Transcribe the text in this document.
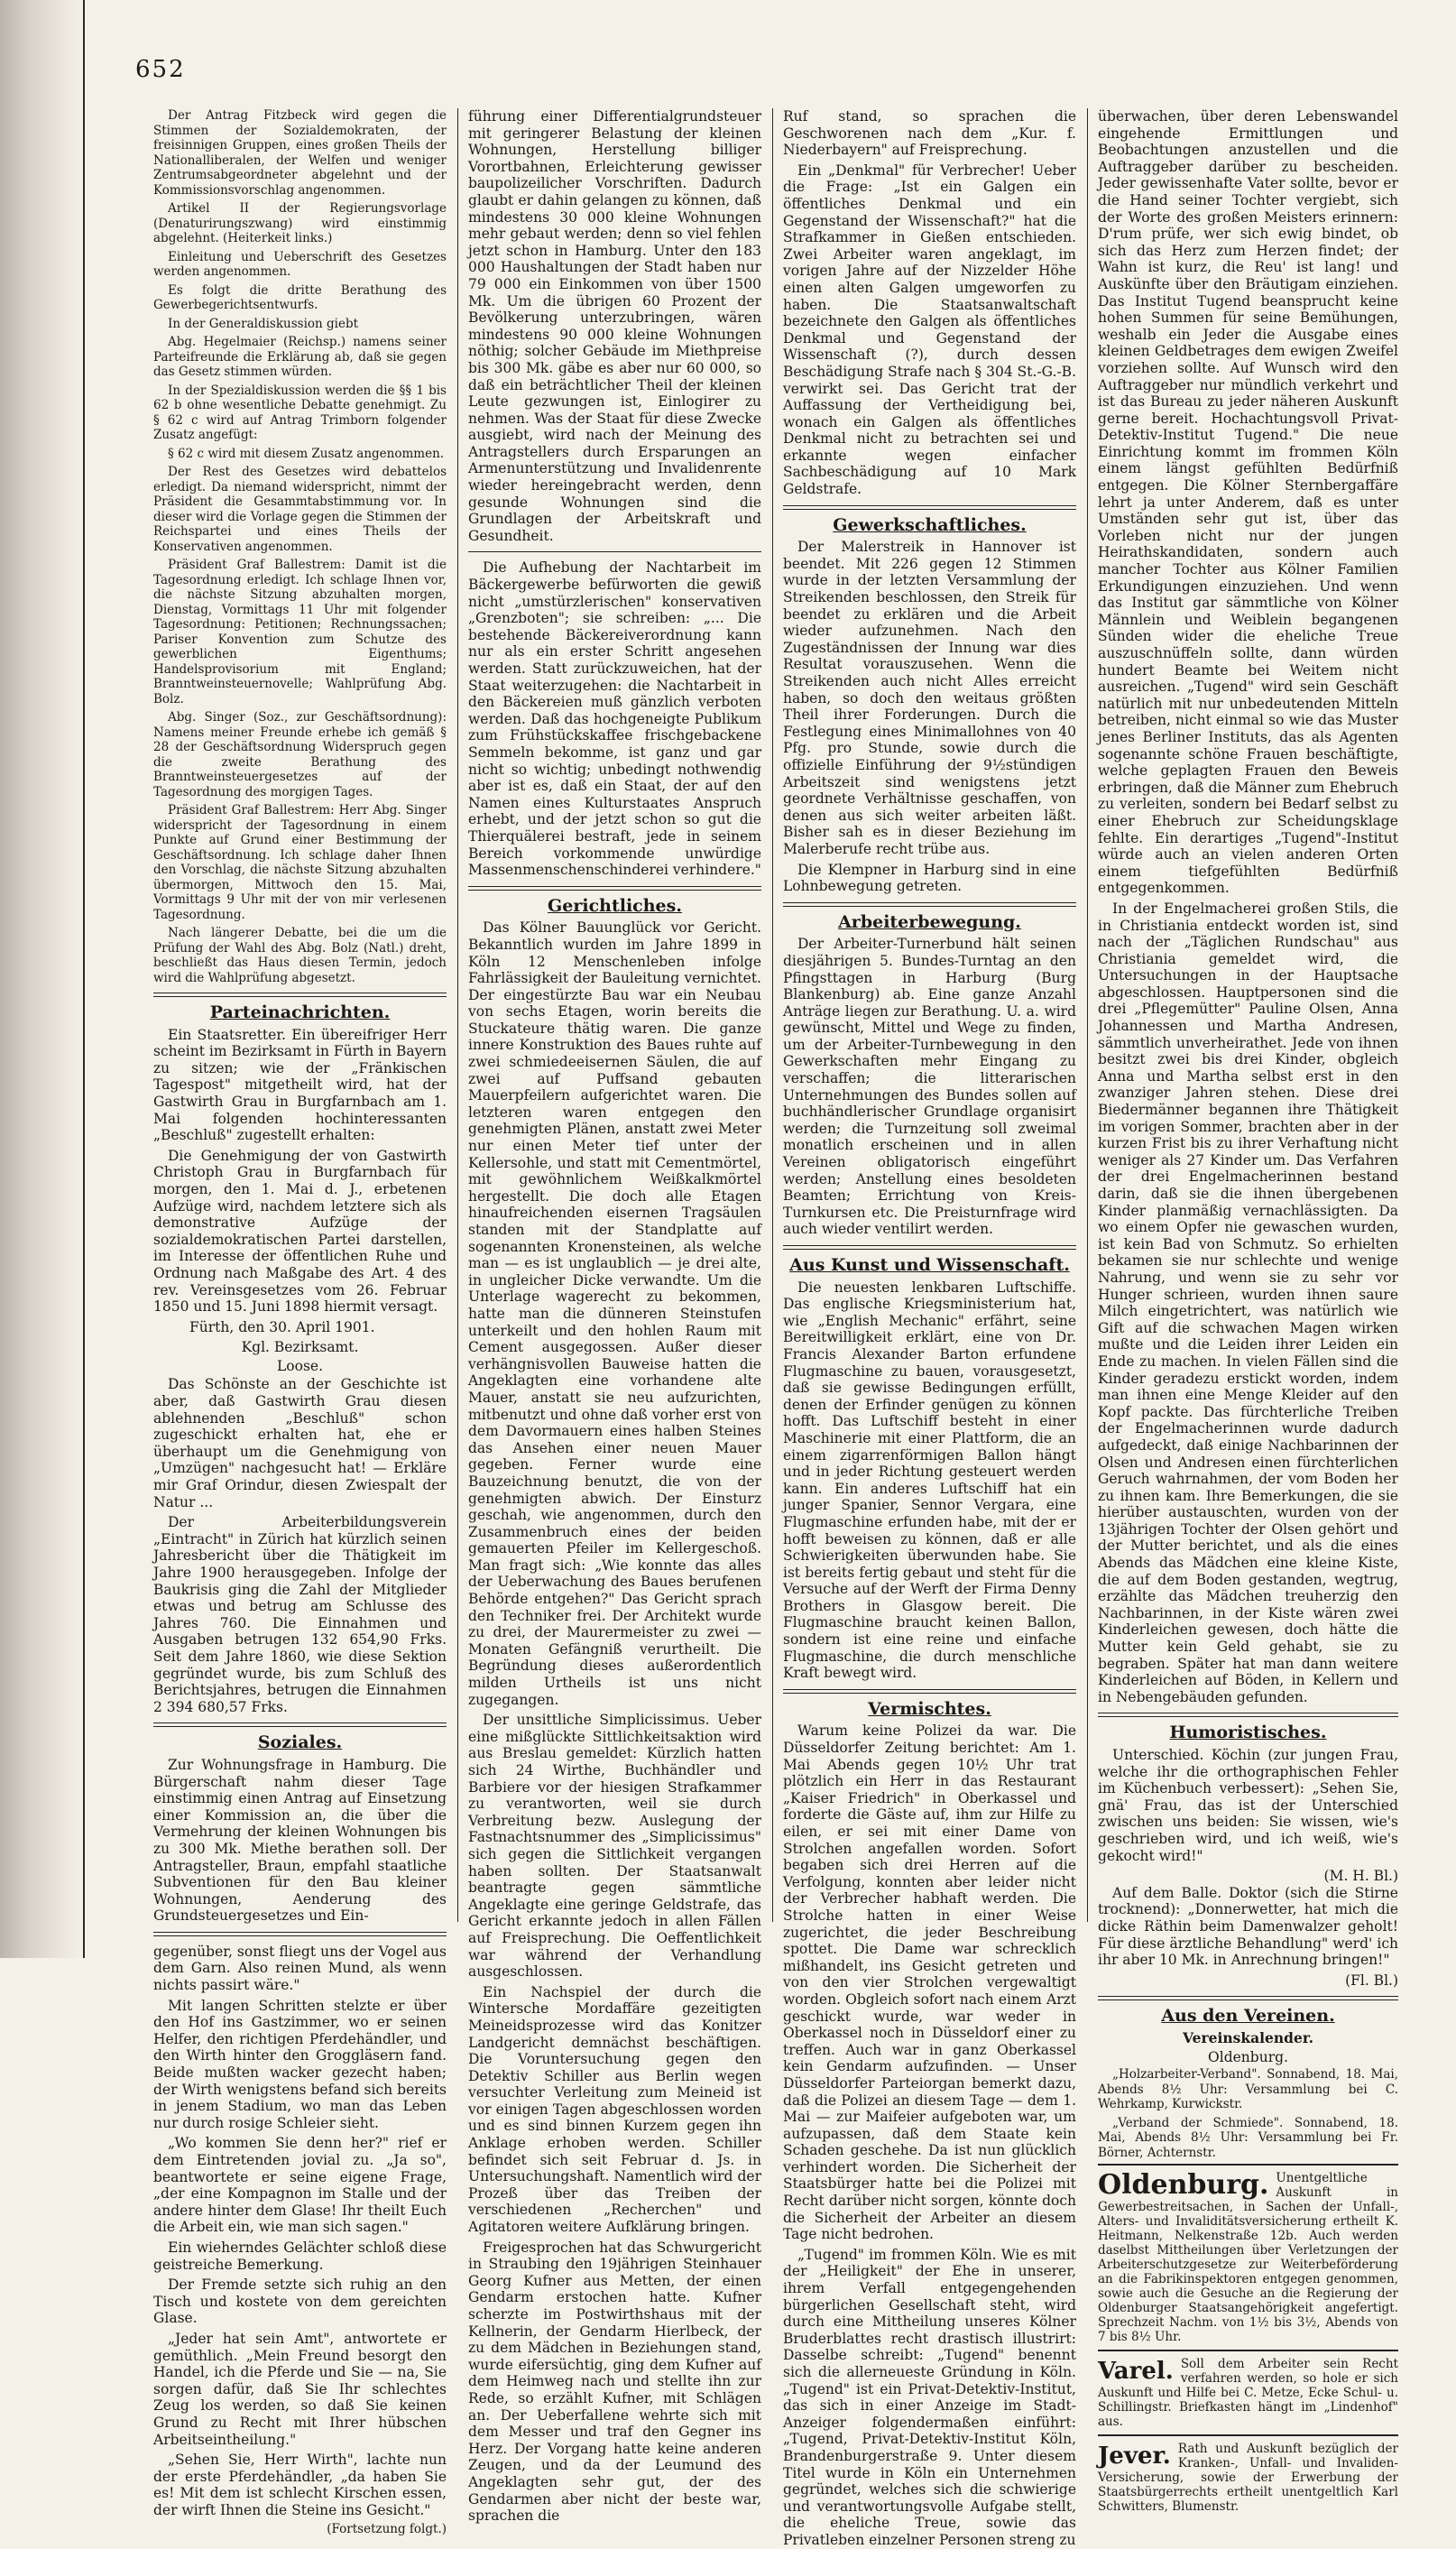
652

Der Antrag Fitzbeck wird gegen die Stimmen der Sozialdemokraten, der freisinnigen Gruppen, eines großen Theils der Nationalliberalen, der Welfen und weniger Zentrumsabgeordneter abgelehnt und der Kommissionsvorschlag angenommen.

Artikel II der Regierungsvorlage (Denaturirungszwang) wird einstimmig abgelehnt. (Heiterkeit links.)

Einleitung und Ueberschrift des Gesetzes werden angenommen.

Es folgt die dritte Berathung des Gewerbegerichtsentwurfs.

In der Generaldiskussion giebt

Abg. Hegelmaier (Reichsp.) namens seiner Parteifreunde die Erklärung ab, daß sie gegen das Gesetz stimmen würden.

In der Spezialdiskussion werden die §§ 1 bis 62 b ohne wesentliche Debatte genehmigt. Zu § 62 c wird auf Antrag Trimborn folgender Zusatz angefügt:

§ 62 c wird mit diesem Zusatz angenommen.

Der Rest des Gesetzes wird debattelos erledigt. Da niemand widerspricht, nimmt der Präsident die Gesammtabstimmung vor. In dieser wird die Vorlage gegen die Stimmen der Reichspartei und eines Theils der Konservativen angenommen.

Präsident Graf Ballestrem: Damit ist die Tagesordnung erledigt. Ich schlage Ihnen vor, die nächste Sitzung abzuhalten morgen, Dienstag, Vormittags 11 Uhr mit folgender Tagesordnung: Petitionen; Rechnungssachen; Pariser Konvention zum Schutze des gewerblichen Eigenthums; Handelsprovisorium mit England; Branntweinsteuernovelle; Wahlprüfung Abg. Bolz.

Abg. Singer (Soz., zur Geschäftsordnung): Namens meiner Freunde erhebe ich gemäß § 28 der Geschäftsordnung Widerspruch gegen die zweite Berathung des Branntweinsteuergesetzes auf der Tagesordnung des morgigen Tages.

Präsident Graf Ballestrem: Herr Abg. Singer widerspricht der Tagesordnung in einem Punkte auf Grund einer Bestimmung der Geschäftsordnung. Ich schlage daher Ihnen den Vorschlag, die nächste Sitzung abzuhalten übermorgen, Mittwoch den 15. Mai, Vormittags 9 Uhr mit der von mir verlesenen Tagesordnung.

Nach längerer Debatte, bei die um die Prüfung der Wahl des Abg. Bolz (Natl.) dreht, beschließt das Haus diesen Termin, jedoch wird die Wahlprüfung abgesetzt.

Parteinachrichten.

Ein Staatsretter. Ein übereifriger Herr scheint im Bezirksamt in Fürth in Bayern zu sitzen; wie der „Fränkischen Tagespost" mitgetheilt wird, hat der Gastwirth Grau in Burgfarnbach am 1. Mai folgenden hochinteressanten „Beschluß" zugestellt erhalten:

Die Genehmigung der von Gastwirth Christoph Grau in Burgfarnbach für morgen, den 1. Mai d. J., erbetenen Aufzüge wird, nachdem letztere sich als demonstrative Aufzüge der sozialdemokratischen Partei darstellen, im Interesse der öffentlichen Ruhe und Ordnung nach Maßgabe des Art. 4 des rev. Vereinsgesetzes vom 26. Februar 1850 und 15. Juni 1898 hiermit versagt.

Fürth, den 30. April 1901.

Kgl. Bezirksamt.
Loose.

Das Schönste an der Geschichte ist aber, daß Gastwirth Grau diesen ablehnenden „Beschluß" schon zugeschickt erhalten hat, ehe er überhaupt um die Genehmigung von „Umzügen" nachgesucht hat! — Erkläre mir Graf Orindur, diesen Zwiespalt der Natur ...

Der Arbeiterbildungsverein „Eintracht" in Zürich hat kürzlich seinen Jahresbericht über die Thätigkeit im Jahre 1900 herausgegeben. Infolge der Baukrisis ging die Zahl der Mitglieder etwas und betrug am Schlusse des Jahres 760. Die Einnahmen und Ausgaben betrugen 132 654,90 Frks. Seit dem Jahre 1860, wie diese Sektion gegründet wurde, bis zum Schluß des Berichtsjahres, betrugen die Einnahmen 2 394 680,57 Frks.

Soziales.

Zur Wohnungsfrage in Hamburg. Die Bürgerschaft nahm dieser Tage einstimmig einen Antrag auf Einsetzung einer Kommission an, die über die Vermehrung der kleinen Wohnungen bis zu 300 Mk. Miethe berathen soll. Der Antragsteller, Braun, empfahl staatliche Subventionen für den Bau kleiner Wohnungen, Aenderung des Grundsteuergesetzes und Ein-

gegenüber, sonst fliegt uns der Vogel aus dem Garn. Also reinen Mund, als wenn nichts passirt wäre."

Mit langen Schritten stelzte er über den Hof ins Gastzimmer, wo er seinen Helfer, den richtigen Pferdehändler, und den Wirth hinter den Groggläsern fand. Beide mußten wacker gezecht haben; der Wirth wenigstens befand sich bereits in jenem Stadium, wo man das Leben nur durch rosige Schleier sieht.

„Wo kommen Sie denn her?" rief er dem Eintretenden jovial zu. „Ja so", beantwortete er seine eigene Frage, „der eine Kompagnon im Stalle und der andere hinter dem Glase! Ihr theilt Euch die Arbeit ein, wie man sich sagen."

Ein wieherndes Gelächter schloß diese geistreiche Bemerkung.

Der Fremde setzte sich ruhig an den Tisch und kostete von dem gereichten Glase.

„Jeder hat sein Amt", antwortete er gemüthlich. „Mein Freund besorgt den Handel, ich die Pferde und Sie — na, Sie sorgen dafür, daß Sie Ihr schlechtes Zeug los werden, so daß Sie keinen Grund zu Recht mit Ihrer hübschen Arbeitseintheilung."

„Sehen Sie, Herr Wirth", lachte nun der erste Pferdehändler, „da haben Sie es! Mit dem ist schlecht Kirschen essen, der wirft Ihnen die Steine ins Gesicht."

(Fortsetzung folgt.)

führung einer Differentialgrundsteuer mit geringerer Belastung der kleinen Wohnungen, Herstellung billiger Vorortbahnen, Erleichterung gewisser baupolizeilicher Vorschriften. Dadurch glaubt er dahin gelangen zu können, daß mindestens 30 000 kleine Wohnungen mehr gebaut werden; denn so viel fehlen jetzt schon in Hamburg. Unter den 183 000 Haushaltungen der Stadt haben nur 79 000 ein Einkommen von über 1500 Mk. Um die übrigen 60 Prozent der Bevölkerung unterzubringen, wären mindestens 90 000 kleine Wohnungen nöthig; solcher Gebäude im Miethpreise bis 300 Mk. gäbe es aber nur 60 000, so daß ein beträchtlicher Theil der kleinen Leute gezwungen ist, Einlogirer zu nehmen. Was der Staat für diese Zwecke ausgiebt, wird nach der Meinung des Antragstellers durch Ersparungen an Armenunterstützung und Invalidenrente wieder hereingebracht werden, denn gesunde Wohnungen sind die Grundlagen der Arbeitskraft und Gesundheit.

Die Aufhebung der Nachtarbeit im Bäckergewerbe befürworten die gewiß nicht „umstürzlerischen" konservativen „Grenzboten"; sie schreiben: „... Die bestehende Bäckereiverordnung kann nur als ein erster Schritt angesehen werden. Statt zurückzuweichen, hat der Staat weiterzugehen: die Nachtarbeit in den Bäckereien muß gänzlich verboten werden. Daß das hochgeneigte Publikum zum Frühstückskaffee frischgebackene Semmeln bekomme, ist ganz und gar nicht so wichtig; unbedingt nothwendig aber ist es, daß ein Staat, der auf den Namen eines Kulturstaates Anspruch erhebt, und der jetzt schon so gut die Thierquälerei bestraft, jede in seinem Bereich vorkommende unwürdige Massenmenschenschinderei verhindere."

Gerichtliches.

Das Kölner Bauunglück vor Gericht. Bekanntlich wurden im Jahre 1899 in Köln 12 Menschenleben infolge Fahrlässigkeit der Bauleitung vernichtet. Der eingestürzte Bau war ein Neubau von sechs Etagen, worin bereits die Stuckateure thätig waren. Die ganze innere Konstruktion des Baues ruhte auf zwei schmiedeeisernen Säulen, die auf zwei auf Puffsand gebauten Mauerpfeilern aufgerichtet waren. Die letzteren waren entgegen den genehmigten Plänen, anstatt zwei Meter nur einen Meter tief unter der Kellersohle, und statt mit Cementmörtel, mit gewöhnlichem Weißkalkmörtel hergestellt. Die doch alle Etagen hinaufreichenden eisernen Tragsäulen standen mit der Standplatte auf sogenannten Kronensteinen, als welche man — es ist unglaublich — je drei alte, in ungleicher Dicke verwandte. Um die Unterlage wagerecht zu bekommen, hatte man die dünneren Steinstufen unterkeilt und den hohlen Raum mit Cement ausgegossen. Außer dieser verhängnisvollen Bauweise hatten die Angeklagten eine vorhandene alte Mauer, anstatt sie neu aufzurichten, mitbenutzt und ohne daß vorher erst von dem Davormauern eines halben Steines das Ansehen einer neuen Mauer gegeben. Ferner wurde eine Bauzeichnung benutzt, die von der genehmigten abwich. Der Einsturz geschah, wie angenommen, durch den Zusammenbruch eines der beiden gemauerten Pfeiler im Kellergeschoß. Man fragt sich: „Wie konnte das alles der Ueberwachung des Baues berufenen Behörde entgehen?" Das Gericht sprach den Techniker frei. Der Architekt wurde zu drei, der Maurermeister zu zwei — Monaten Gefängniß verurtheilt. Die Begründung dieses außerordentlich milden Urtheils ist uns nicht zugegangen.

Der unsittliche Simplicissimus. Ueber eine mißglückte Sittlichkeitsaktion wird aus Breslau gemeldet: Kürzlich hatten sich 24 Wirthe, Buchhändler und Barbiere vor der hiesigen Strafkammer zu verantworten, weil sie durch Verbreitung bezw. Auslegung der Fastnachtsnummer des „Simplicissimus" sich gegen die Sittlichkeit vergangen haben sollten. Der Staatsanwalt beantragte gegen sämmtliche Angeklagte eine geringe Geldstrafe, das Gericht erkannte jedoch in allen Fällen auf Freisprechung. Die Oeffentlichkeit war während der Verhandlung ausgeschlossen.

Ein Nachspiel der durch die Wintersche Mordaffäre gezeitigten Meineidsprozesse wird das Konitzer Landgericht demnächst beschäftigen. Die Voruntersuchung gegen den Detektiv Schiller aus Berlin wegen versuchter Verleitung zum Meineid ist vor einigen Tagen abgeschlossen worden und es sind binnen Kurzem gegen ihn Anklage erhoben werden. Schiller befindet sich seit Februar d. Js. in Untersuchungshaft. Namentlich wird der Prozeß über das Treiben der verschiedenen „Recherchen" und Agitatoren weitere Aufklärung bringen.

Freigesprochen hat das Schwurgericht in Straubing den 19jährigen Steinhauer Georg Kufner aus Metten, der einen Gendarm erstochen hatte. Kufner scherzte im Postwirthshaus mit der Kellnerin, der Gendarm Hierlbeck, der zu dem Mädchen in Beziehungen stand, wurde eifersüchtig, ging dem Kufner auf dem Heimweg nach und stellte ihn zur Rede, so erzählt Kufner, mit Schlägen an. Der Ueberfallene wehrte sich mit dem Messer und traf den Gegner ins Herz. Der Vorgang hatte keine anderen Zeugen, und da der Leumund des Angeklagten sehr gut, der des Gendarmen aber nicht der beste war, sprachen die

Ruf stand, so sprachen die Geschworenen nach dem „Kur. f. Niederbayern" auf Freisprechung.

Ein „Denkmal" für Verbrecher! Ueber die Frage: „Ist ein Galgen ein öffentliches Denkmal und ein Gegenstand der Wissenschaft?" hat die Strafkammer in Gießen entschieden. Zwei Arbeiter waren angeklagt, im vorigen Jahre auf der Nizzelder Höhe einen alten Galgen umgeworfen zu haben. Die Staatsanwaltschaft bezeichnete den Galgen als öffentliches Denkmal und Gegenstand der Wissenschaft (?), durch dessen Beschädigung Strafe nach § 304 St.-G.-B. verwirkt sei. Das Gericht trat der Auffassung der Vertheidigung bei, wonach ein Galgen als öffentliches Denkmal nicht zu betrachten sei und erkannte wegen einfacher Sachbeschädigung auf 10 Mark Geldstrafe.

Gewerkschaftliches.

Der Malerstreik in Hannover ist beendet. Mit 226 gegen 12 Stimmen wurde in der letzten Versammlung der Streikenden beschlossen, den Streik für beendet zu erklären und die Arbeit wieder aufzunehmen. Nach den Zugeständnissen der Innung war dies Resultat vorauszusehen. Wenn die Streikenden auch nicht Alles erreicht haben, so doch den weitaus größten Theil ihrer Forderungen. Durch die Festlegung eines Minimallohnes von 40 Pfg. pro Stunde, sowie durch die offizielle Einführung der 9½stündigen Arbeitszeit sind wenigstens jetzt geordnete Verhältnisse geschaffen, von denen aus sich weiter arbeiten läßt. Bisher sah es in dieser Beziehung im Malerberufe recht trübe aus.

Die Klempner in Harburg sind in eine Lohnbewegung getreten.

Arbeiterbewegung.

Der Arbeiter-Turnerbund hält seinen diesjährigen 5. Bundes-Turntag an den Pfingsttagen in Harburg (Burg Blankenburg) ab. Eine ganze Anzahl Anträge liegen zur Berathung. U. a. wird gewünscht, Mittel und Wege zu finden, um der Arbeiter-Turnbewegung in den Gewerkschaften mehr Eingang zu verschaffen; die litterarischen Unternehmungen des Bundes sollen auf buchhändlerischer Grundlage organisirt werden; die Turnzeitung soll zweimal monatlich erscheinen und in allen Vereinen obligatorisch eingeführt werden; Anstellung eines besoldeten Beamten; Errichtung von Kreis-Turnkursen etc. Die Preisturnfrage wird auch wieder ventilirt werden.

Aus Kunst und Wissenschaft.

Die neuesten lenkbaren Luftschiffe. Das englische Kriegsministerium hat, wie „English Mechanic" erfährt, seine Bereitwilligkeit erklärt, eine von Dr. Francis Alexander Barton erfundene Flugmaschine zu bauen, vorausgesetzt, daß sie gewisse Bedingungen erfüllt, denen der Erfinder genügen zu können hofft. Das Luftschiff besteht in einer Maschinerie mit einer Plattform, die an einem zigarrenförmigen Ballon hängt und in jeder Richtung gesteuert werden kann. Ein anderes Luftschiff hat ein junger Spanier, Sennor Vergara, eine Flugmaschine erfunden habe, mit der er hofft beweisen zu können, daß er alle Schwierigkeiten überwunden habe. Sie ist bereits fertig gebaut und steht für die Versuche auf der Werft der Firma Denny Brothers in Glasgow bereit. Die Flugmaschine braucht keinen Ballon, sondern ist eine reine und einfache Flugmaschine, die durch menschliche Kraft bewegt wird.

Vermischtes.

Warum keine Polizei da war. Die Düsseldorfer Zeitung berichtet: Am 1. Mai Abends gegen 10½ Uhr trat plötzlich ein Herr in das Restaurant „Kaiser Friedrich" in Oberkassel und forderte die Gäste auf, ihm zur Hilfe zu eilen, er sei mit einer Dame von Strolchen angefallen worden. Sofort begaben sich drei Herren auf die Verfolgung, konnten aber leider nicht der Verbrecher habhaft werden. Die Strolche hatten in einer Weise zugerichtet, die jeder Beschreibung spottet. Die Dame war schrecklich mißhandelt, ins Gesicht getreten und von den vier Strolchen vergewaltigt worden. Obgleich sofort nach einem Arzt geschickt wurde, war weder in Oberkassel noch in Düsseldorf einer zu treffen. Auch war in ganz Oberkassel kein Gendarm aufzufinden. — Unser Düsseldorfer Parteiorgan bemerkt dazu, daß die Polizei an diesem Tage — dem 1. Mai — zur Maifeier aufgeboten war, um aufzupassen, daß dem Staate kein Schaden geschehe. Da ist nun glücklich verhindert worden. Die Sicherheit der Staatsbürger hatte bei die Polizei mit Recht darüber nicht sorgen, könnte doch die Sicherheit der Arbeiter an diesem Tage nicht bedrohen.

„Tugend" im frommen Köln. Wie es mit der „Heiligkeit" der Ehe in unserer, ihrem Verfall entgegengehenden bürgerlichen Gesellschaft steht, wird durch eine Mittheilung unseres Kölner Bruderblattes recht drastisch illustrirt: Dasselbe schreibt: „Tugend" benennt sich die allerneueste Gründung in Köln. „Tugend" ist ein Privat-Detektiv-Institut, das sich in einer Anzeige im Stadt-Anzeiger folgendermaßen einführt: „Tugend, Privat-Detektiv-Institut Köln, Brandenburgerstraße 9. Unter diesem Titel wurde in Köln ein Unternehmen gegründet, welches sich die schwierige und verantwortungsvolle Aufgabe stellt, die eheliche Treue, sowie das Privatleben einzelner Personen streng zu

überwachen, über deren Lebenswandel eingehende Ermittlungen und Beobachtungen anzustellen und die Auftraggeber darüber zu bescheiden. Jeder gewissenhafte Vater sollte, bevor er die Hand seiner Tochter vergiebt, sich der Worte des großen Meisters erinnern: D'rum prüfe, wer sich ewig bindet, ob sich das Herz zum Herzen findet; der Wahn ist kurz, die Reu' ist lang! und Auskünfte über den Bräutigam einziehen. Das Institut Tugend beansprucht keine hohen Summen für seine Bemühungen, weshalb ein Jeder die Ausgabe eines kleinen Geldbetrages dem ewigen Zweifel vorziehen sollte. Auf Wunsch wird den Auftraggeber nur mündlich verkehrt und ist das Bureau zu jeder näheren Auskunft gerne bereit. Hochachtungsvoll Privat-Detektiv-Institut Tugend." Die neue Einrichtung kommt im frommen Köln einem längst gefühlten Bedürfniß entgegen. Die Kölner Sternbergaffäre lehrt ja unter Anderem, daß es unter Umständen sehr gut ist, über das Vorleben nicht nur der jungen Heirathskandidaten, sondern auch mancher Tochter aus Kölner Familien Erkundigungen einzuziehen. Und wenn das Institut gar sämmtliche von Kölner Männlein und Weiblein begangenen Sünden wider die eheliche Treue auszuschnüffeln sollte, dann würden hundert Beamte bei Weitem nicht ausreichen. „Tugend" wird sein Geschäft natürlich mit nur unbedeutenden Mitteln betreiben, nicht einmal so wie das Muster jenes Berliner Instituts, das als Agenten sogenannte schöne Frauen beschäftigte, welche geplagten Frauen den Beweis erbringen, daß die Männer zum Ehebruch zu verleiten, sondern bei Bedarf selbst zu einer Ehebruch zur Scheidungsklage fehlte. Ein derartiges „Tugend"-Institut würde auch an vielen anderen Orten einem tiefgefühlten Bedürfniß entgegenkommen.

In der Engelmacherei großen Stils, die in Christiania entdeckt worden ist, sind nach der „Täglichen Rundschau" aus Christiania gemeldet wird, die Untersuchungen in der Hauptsache abgeschlossen. Hauptpersonen sind die drei „Pflegemütter" Pauline Olsen, Anna Johannessen und Martha Andresen, sämmtlich unverheirathet. Jede von ihnen besitzt zwei bis drei Kinder, obgleich Anna und Martha selbst erst in den zwanziger Jahren stehen. Diese drei Biedermänner begannen ihre Thätigkeit im vorigen Sommer, brachten aber in der kurzen Frist bis zu ihrer Verhaftung nicht weniger als 27 Kinder um. Das Verfahren der drei Engelmacherinnen bestand darin, daß sie die ihnen übergebenen Kinder planmäßig vernachlässigten. Da wo einem Opfer nie gewaschen wurden, ist kein Bad von Schmutz. So erhielten bekamen sie nur schlechte und wenige Nahrung, und wenn sie zu sehr vor Hunger schrieen, wurden ihnen saure Milch eingetrichtert, was natürlich wie Gift auf die schwachen Magen wirken mußte und die Leiden ihrer Leiden ein Ende zu machen. In vielen Fällen sind die Kinder geradezu erstickt worden, indem man ihnen eine Menge Kleider auf den Kopf packte. Das fürchterliche Treiben der Engelmacherinnen wurde dadurch aufgedeckt, daß einige Nachbarinnen der Olsen und Andresen einen fürchterlichen Geruch wahrnahmen, der vom Boden her zu ihnen kam. Ihre Bemerkungen, die sie hierüber austauschten, wurden von der 13jährigen Tochter der Olsen gehört und der Mutter berichtet, und als die eines Abends das Mädchen eine kleine Kiste, die auf dem Boden gestanden, wegtrug, erzählte das Mädchen treuherzig den Nachbarinnen, in der Kiste wären zwei Kinderleichen gewesen, doch hätte die Mutter kein Geld gehabt, sie zu begraben. Später hat man dann weitere Kinderleichen auf Böden, in Kellern und in Nebengebäuden gefunden.

Humoristisches.

Unterschied. Köchin (zur jungen Frau, welche ihr die orthographischen Fehler im Küchenbuch verbessert): „Sehen Sie, gnä' Frau, das ist der Unterschied zwischen uns beiden: Sie wissen, wie's geschrieben wird, und ich weiß, wie's gekocht wird!"

(M. H. Bl.)

Auf dem Balle. Doktor (sich die Stirne trocknend): „Donnerwetter, hat mich die dicke Räthin beim Damenwalzer geholt! Für diese ärztliche Behandlung" werd' ich ihr aber 10 Mk. in Anrechnung bringen!"

(Fl. Bl.)
Aus den Vereinen.
Vereinskalender.
Oldenburg.

„Holzarbeiter-Verband". Sonnabend, 18. Mai, Abends 8½ Uhr: Versammlung bei C. Wehrkamp, Kurwickstr.

„Verband der Schmiede". Sonnabend, 18. Mai, Abends 8½ Uhr: Versammlung bei Fr. Börner, Achternstr.

Oldenburg. Unentgeltliche Auskunft in Gewerbestreitsachen, in Sachen der Unfall-, Alters- und Invaliditätsversicherung ertheilt K. Heitmann, Nelkenstraße 12b. Auch werden daselbst Mittheilungen über Verletzungen der Arbeiterschutzgesetze zur Weiterbeförderung an die Fabrikinspektoren entgegen genommen, sowie auch die Gesuche an die Regierung der Oldenburger Staatsangehörigkeit angefertigt. Sprechzeit Nachm. von 1½ bis 3½, Abends von 7 bis 8½ Uhr.
Varel. Soll dem Arbeiter sein Recht verfahren werden, so hole er sich Auskunft und Hilfe bei C. Metze, Ecke Schul- u. Schillingstr. Briefkasten hängt im „Lindenhof" aus.
Jever. Rath und Auskunft bezüglich der Kranken-, Unfall- und Invaliden-Versicherung, sowie der Erwerbung der Staatsbürgerrechts ertheilt unentgeltlich Karl Schwitters, Blumenstr.
